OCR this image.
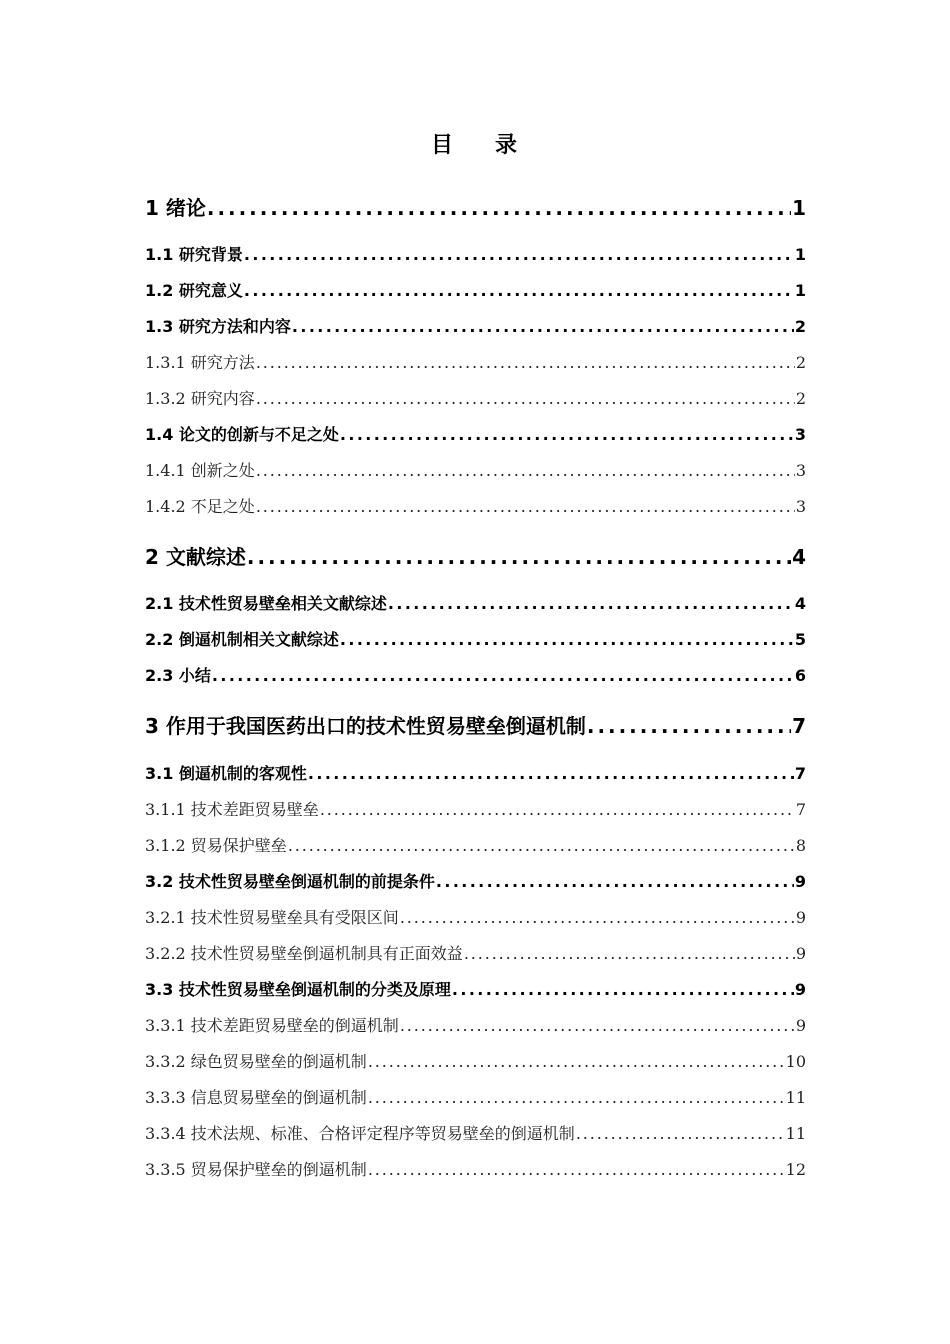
目 录
1 绪论 . . .	1
1.1 研究背景 . . .	1
1.2 研究意义 . . .	1
1.3 研究方法和内容 . . .	2
1.3.1 研究方法 . . .	2
1.3.2 研究内容 . . .	2
1.4 论文的创新与不足之处 . . .	3
1.4.1 创新之处 . . .	3
1.4.2 不足之处 . . .	3
2 文献综述 . . .	4
2.1 技术性贸易壁垒相关文献综述 . . .	4
2.2 倒逼机制相关文献综述 . . .	5
2.3 小结 . . .	6
3 作用于我国医药出口的技术性贸易壁垒倒逼机制 . . .	7
3.1 倒逼机制的客观性 . . .	7
3.1.1 技术差距贸易壁垒 . . .	7
3.1.2 贸易保护壁垒 . . .	8
3.2 技术性贸易壁垒倒逼机制的前提条件 . . .	9
3.2.1 技术性贸易壁垒具有受限区间 . . .	9
3.2.2 技术性贸易壁垒倒逼机制具有正面效益 . . .	9
3.3 技术性贸易壁垒倒逼机制的分类及原理 . . .	9
3.3.1 技术差距贸易壁垒的倒逼机制 . . .	9
3.3.2 绿色贸易壁垒的倒逼机制 . . .	10
3.3.3 信息贸易壁垒的倒逼机制 . . .	11
3.3.4 技术法规、标准、合格评定程序等贸易壁垒的倒逼机制 . . .	11
3.3.5 贸易保护壁垒的倒逼机制 . . .	12
